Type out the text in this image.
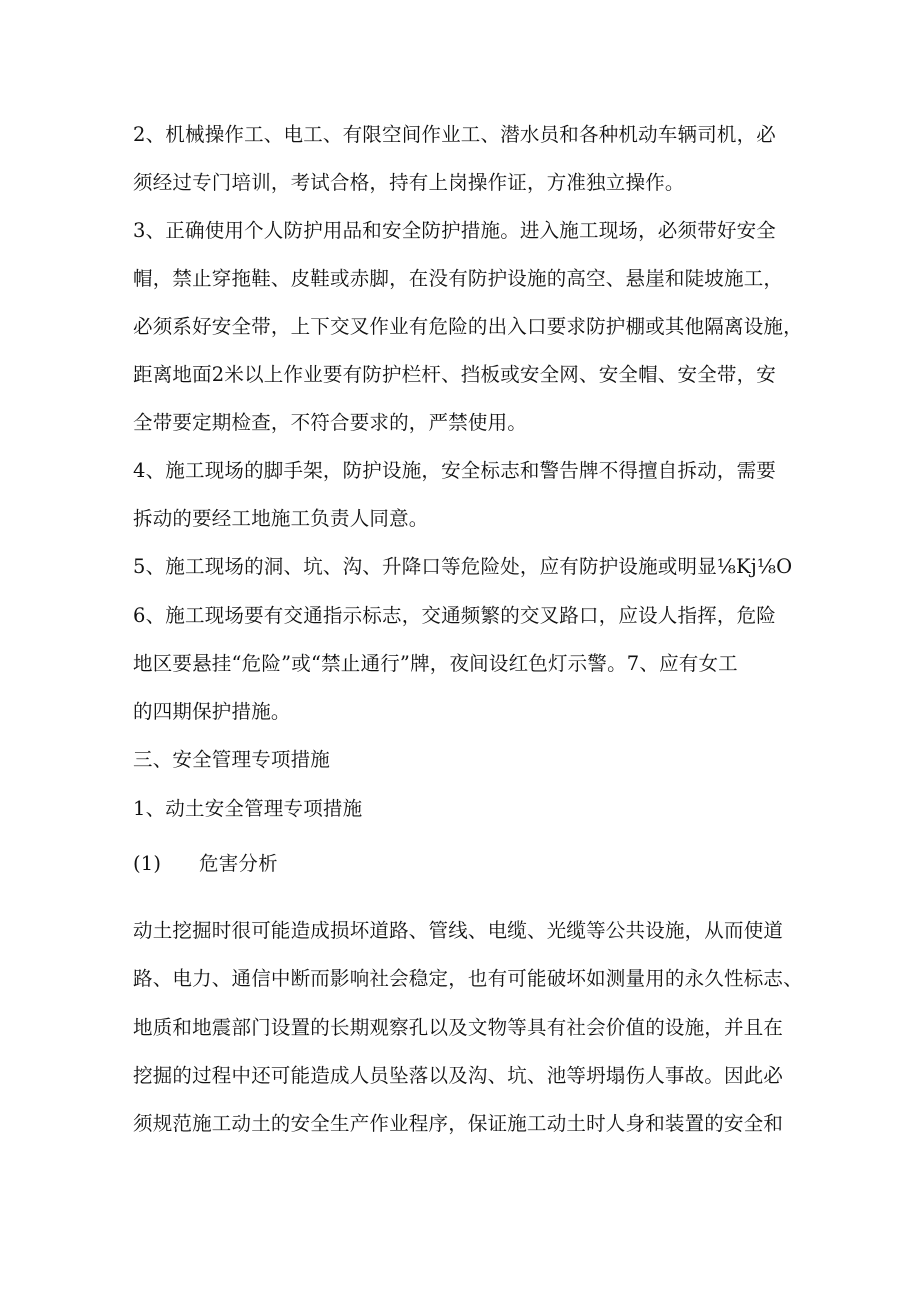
2、机械操作工、电工、有限空间作业工、潜水员和各种机动车辆司机，必
须经过专门培训，考试合格，持有上岗操作证，方准独立操作。
3、正确使用个人防护用品和安全防护措施。进入施工现场，必须带好安全
帽，禁止穿拖鞋、皮鞋或赤脚，在没有防护设施的高空、悬崖和陡坡施工，
必须系好安全带，上下交叉作业有危险的出入口要求防护棚或其他隔离设施，
距离地面2米以上作业要有防护栏杆、挡板或安全网、安全帽、安全带，安
全带要定期检查，不符合要求的，严禁使用。
4、施工现场的脚手架，防护设施，安全标志和警告牌不得擅自拆动，需要
拆动的要经工地施工负责人同意。
5、施工现场的洞、坑、沟、升降口等危险处，应有防护设施或明显⅛Kj⅛O
6、施工现场要有交通指示标志，交通频繁的交叉路口，应设人指挥，危险
地区要悬挂“危险”或“禁止通行”牌，夜间设红色灯示警。7、应有女工
的四期保护措施。
三、安全管理专项措施
1、动土安全管理专项措施
(1) 危害分析
动土挖掘时很可能造成损坏道路、管线、电缆、光缆等公共设施，从而使道
路、电力、通信中断而影响社会稳定，也有可能破坏如测量用的永久性标志、
地质和地震部门设置的长期观察孔以及文物等具有社会价值的设施，并且在
挖掘的过程中还可能造成人员坠落以及沟、坑、池等坍塌伤人事故。因此必
须规范施工动土的安全生产作业程序，保证施工动土时人身和装置的安全和
